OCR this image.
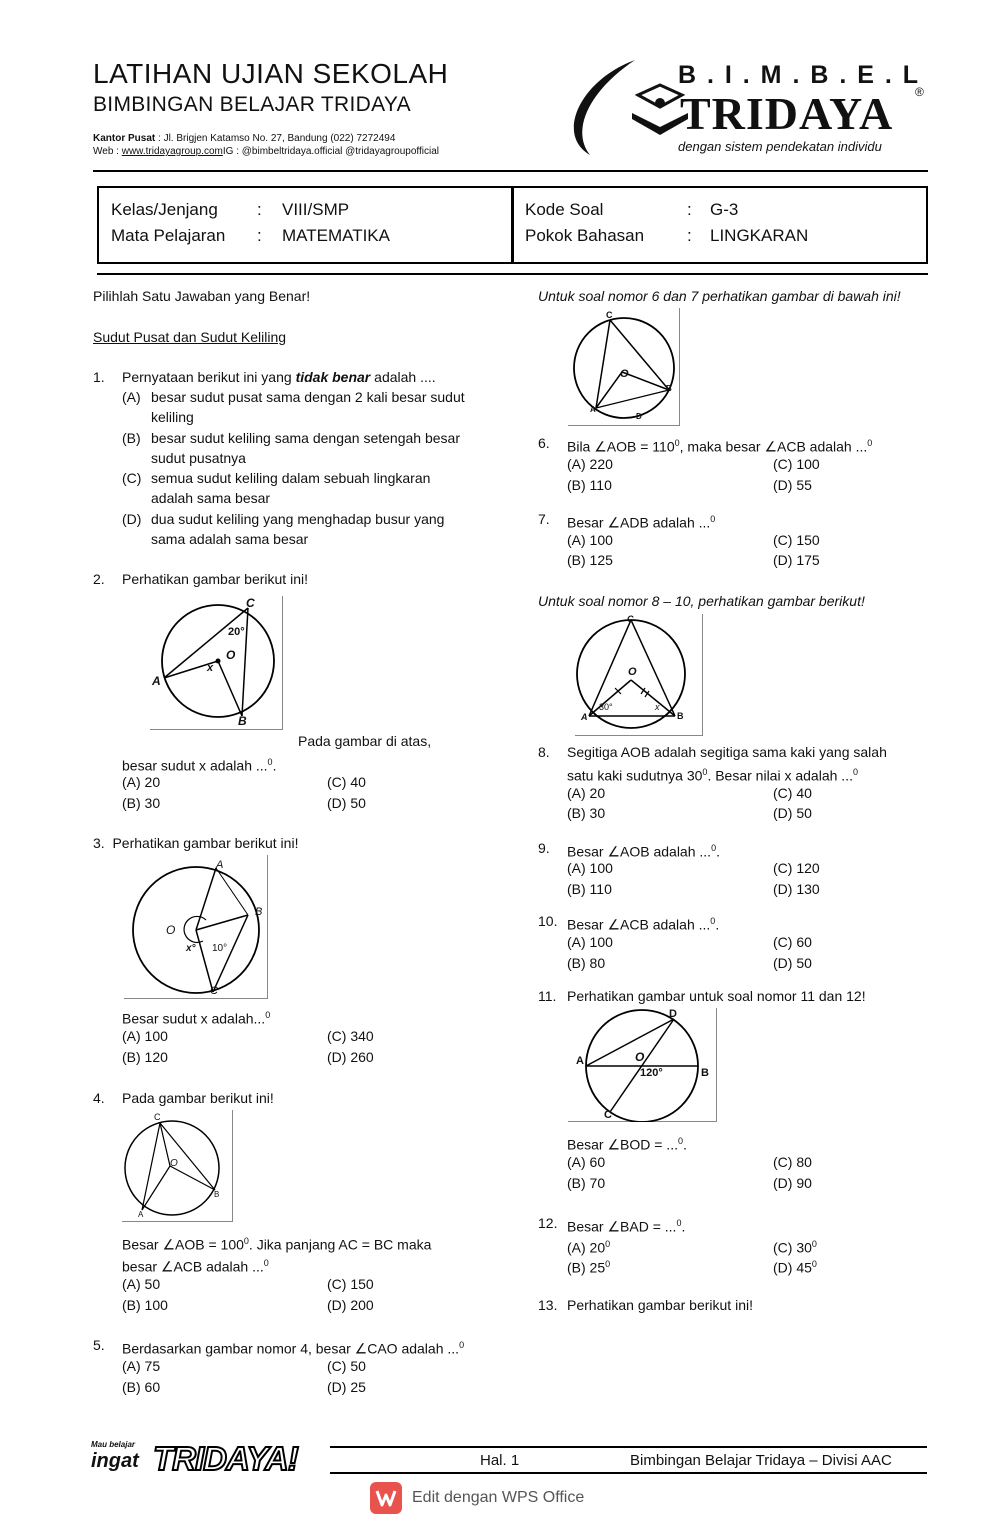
LATIHAN UJIAN SEKOLAH
BIMBINGAN BELAJAR TRIDAYA
Kantor Pusat : Jl. Brigjen Katamso No. 27, Bandung (022) 7272494
Web : www.tridayagroup.comIG : @bimbeltridaya.official @tridayagroupofficial
B . I . M . B . E . L
TRIDAYA ®
dengan sistem pendekatan individu
Kelas/Jenjang : VIII/SMP
Mata Pelajaran : MATEMATIKA
Kode Soal	: G-3
Pokok Bahasan	: LINGKARAN
Pilihlah Satu Jawaban yang Benar!
Sudut Pusat dan Sudut Keliling
1. Pernyataan berikut ini yang tidak benar adalah ....
(A) besar sudut pusat sama dengan 2 kali besar sudut
keliling
(B) besar sudut keliling sama dengan setengah besar
sudut pusatnya
(C) semua sudut keliling dalam sebuah lingkaran
adalah sama besar
(D) dua sudut keliling yang menghadap busur yang
sama adalah sama besar
2. Perhatikan gambar berikut ini!
C
O
A
B
20°
x
Pada gambar di atas,
besar sudut x adalah ...$^0$.
(A) 20
(B) 30
(C) 40
(D) 50
3. Perhatikan gambar berikut ini!
A
B
C
O
x° 10°
Besar sudut x adalah...$^0$
(A) 100
(B) 120
(C) 340
(D) 260
4. Pada gambar berikut ini!
C
O
A
B
Besar ∠AOB = $100^0$. Jika panjang AC = BC maka
besar ∠ACB adalah ...$^0$
(A) 50
(B) 100
(C) 150
(D) 200
5. Berdasarkan gambar nomor 4, besar ∠CAO adalah ...$^0$
(A) 75
(B) 60
(C) 50
(D) 25
Untuk soal nomor 6 dan 7 perhatikan gambar di bawah ini!
C
O
B
A
D
6. Bila ∠AOB = $110^0$, maka besar ∠ACB adalah ...$^0$
(A) 220
(B) 110
(C) 100
(D) 55
7. Besar ∠ADB adalah ...$^0$
(A) 100
(B) 125
(C) 150
(D) 175
Untuk soal nomor 8 – 10, perhatikan gambar berikut!
C
O
A	B
30°	x
8. Segitiga AOB adalah segitiga sama kaki yang salah
satu kaki sudutnya $30^0$. Besar nilai x adalah ...$^0$
(A) 20
(B) 30
(C) 40
(D) 50
9. Besar ∠AOB adalah ...$^0$.
(A) 100
(B) 110
(C) 120
(D) 130
10. Besar ∠ACB adalah ...$^0$.
(A) 100
(B) 80
(C) 60
(D) 50
11. Perhatikan gambar untuk soal nomor 11 dan 12!
D
A	O
B
C
120°
Besar ∠BOD = ...$^0$.
(A) 60
(B) 70
(C) 80
(D) 90
12. Besar ∠BAD = ...$^0$.
(A) $20^0$
(B) $25^0$
(C) $30^0$
(D) $45^0$
13. Perhatikan gambar berikut ini!
Mau belajar
ingat TRIDAYA!	Hal. 1	Bimbingan Belajar Tridaya – Divisi AAC
Edit dengan WPS Office
